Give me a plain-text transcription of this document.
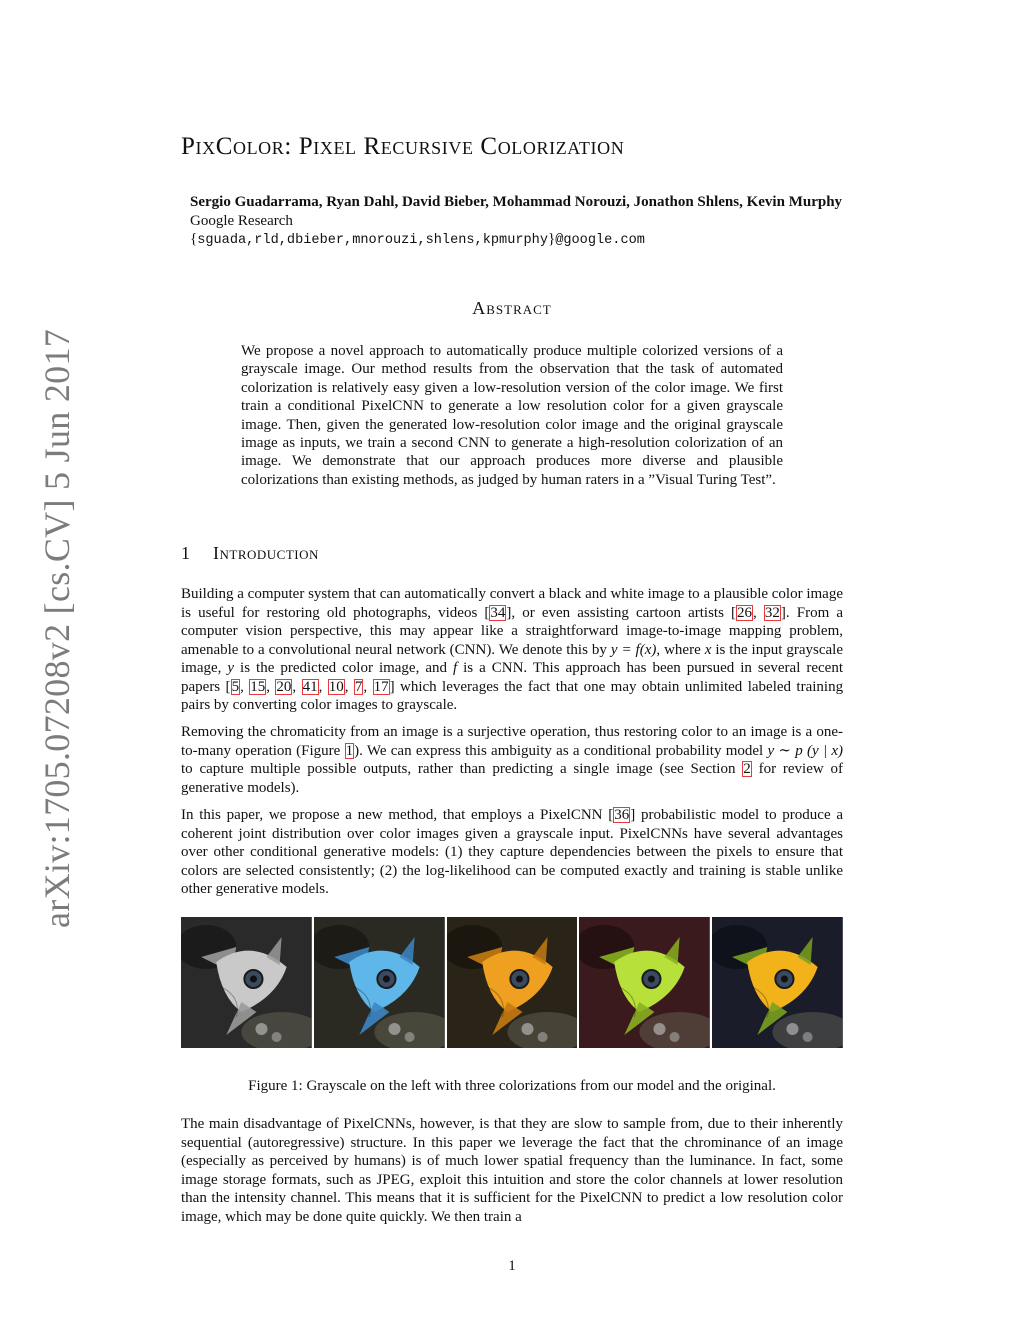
arXiv:1705.07208v2 [cs.CV] 5 Jun 2017
PixColor: Pixel Recursive Colorization
Sergio Guadarrama, Ryan Dahl, David Bieber, Mohammad Norouzi, Jonathon Shlens, Kevin Murphy
Google Research
{sguada,rld,dbieber,mnorouzi,shlens,kpmurphy}@google.com
Abstract
We propose a novel approach to automatically produce multiple colorized versions of a grayscale image. Our method results from the observation that the task of automated colorization is relatively easy given a low-resolution version of the color image. We first train a conditional PixelCNN to generate a low resolution color for a given grayscale image. Then, given the generated low-resolution color image and the original grayscale image as inputs, we train a second CNN to generate a high-resolution colorization of an image. We demonstrate that our approach produces more diverse and plausible colorizations than existing methods, as judged by human raters in a ”Visual Turing Test”.
1 Introduction
Building a computer system that can automatically convert a black and white image to a plausible color image is useful for restoring old photographs, videos [34], or even assisting cartoon artists [26, 32]. From a computer vision perspective, this may appear like a straightforward image-to-image mapping problem, amenable to a convolutional neural network (CNN). We denote this by y = f(x), where x is the input grayscale image, y is the predicted color image, and f is a CNN. This approach has been pursued in several recent papers [5, 15, 20, 41, 10, 7, 17] which leverages the fact that one may obtain unlimited labeled training pairs by converting color images to grayscale.
Removing the chromaticity from an image is a surjective operation, thus restoring color to an image is a one-to-many operation (Figure 1). We can express this ambiguity as a conditional probability model y ∼ p (y | x) to capture multiple possible outputs, rather than predicting a single image (see Section 2 for review of generative models).
In this paper, we propose a new method, that employs a PixelCNN [36] probabilistic model to produce a coherent joint distribution over color images given a grayscale input. PixelCNNs have several advantages over other conditional generative models: (1) they capture dependencies between the pixels to ensure that colors are selected consistently; (2) the log-likelihood can be computed exactly and training is stable unlike other generative models.
Figure 1: Grayscale on the left with three colorizations from our model and the original.
The main disadvantage of PixelCNNs, however, is that they are slow to sample from, due to their inherently sequential (autoregressive) structure. In this paper we leverage the fact that the chrominance of an image (especially as perceived by humans) is of much lower spatial frequency than the luminance. In fact, some image storage formats, such as JPEG, exploit this intuition and store the color channels at lower resolution than the intensity channel. This means that it is sufficient for the PixelCNN to predict a low resolution color image, which may be done quite quickly. We then train a
1
